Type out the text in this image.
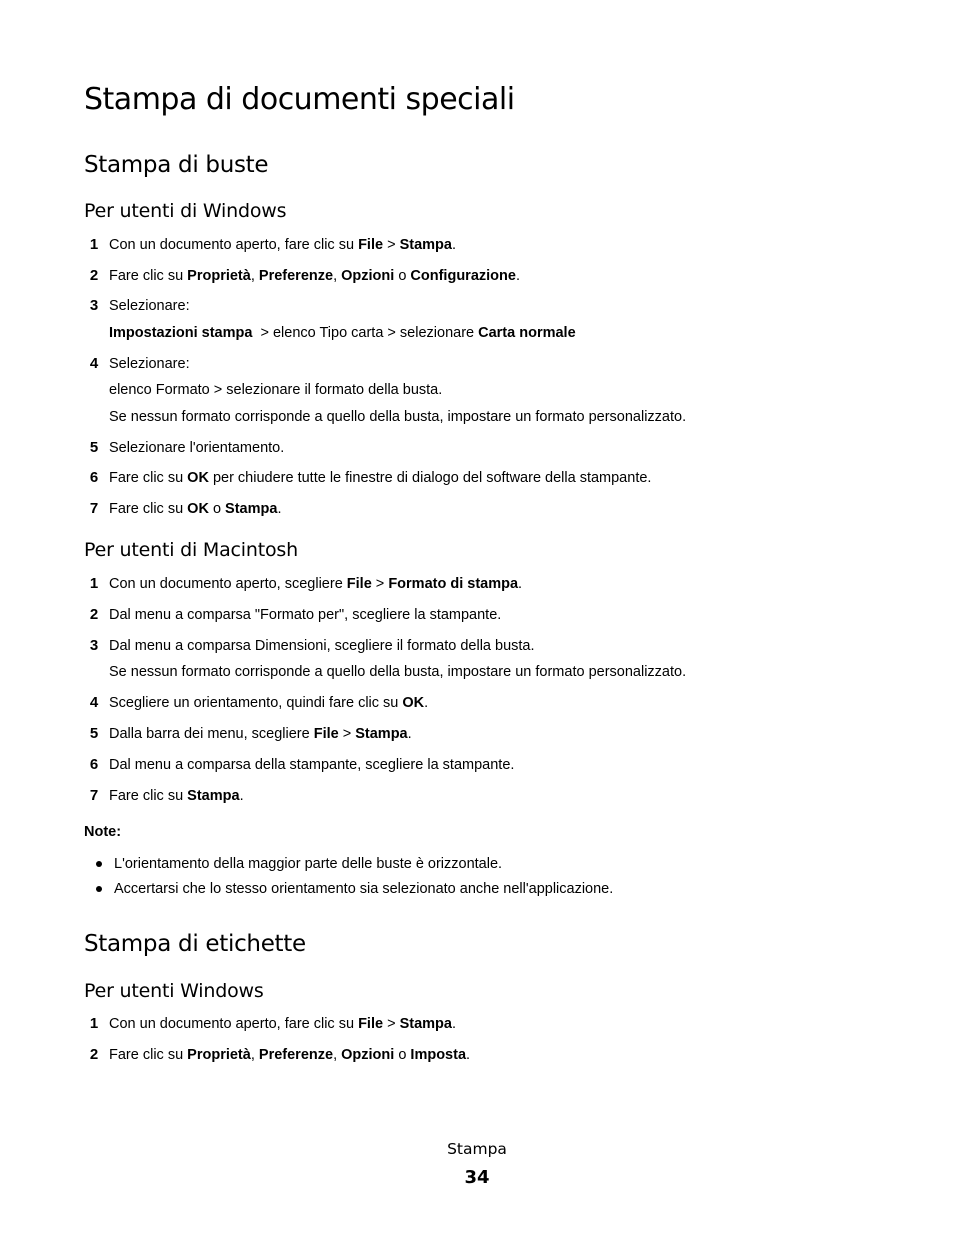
Stampa di documenti speciali
Stampa di buste
Per utenti di Windows
1 Con un documento aperto, fare clic su File > Stampa.
2 Fare clic su Proprietà, Preferenze, Opzioni o Configurazione.
3 Selezionare:
Impostazioni stampa  > elenco Tipo carta > selezionare Carta normale
4 Selezionare:
elenco Formato > selezionare il formato della busta.
Se nessun formato corrisponde a quello della busta, impostare un formato personalizzato.
5 Selezionare l'orientamento.
6 Fare clic su OK per chiudere tutte le finestre di dialogo del software della stampante.
7 Fare clic su OK o Stampa.
Per utenti di Macintosh
1 Con un documento aperto, scegliere File > Formato di stampa.
2 Dal menu a comparsa "Formato per", scegliere la stampante.
3 Dal menu a comparsa Dimensioni, scegliere il formato della busta.
Se nessun formato corrisponde a quello della busta, impostare un formato personalizzato.
4 Scegliere un orientamento, quindi fare clic su OK.
5 Dalla barra dei menu, scegliere File > Stampa.
6 Dal menu a comparsa della stampante, scegliere la stampante.
7 Fare clic su Stampa.
Note:
L'orientamento della maggior parte delle buste è orizzontale.
Accertarsi che lo stesso orientamento sia selezionato anche nell'applicazione.
Stampa di etichette
Per utenti Windows
1 Con un documento aperto, fare clic su File > Stampa.
2 Fare clic su Proprietà, Preferenze, Opzioni o Imposta.
Stampa
34
